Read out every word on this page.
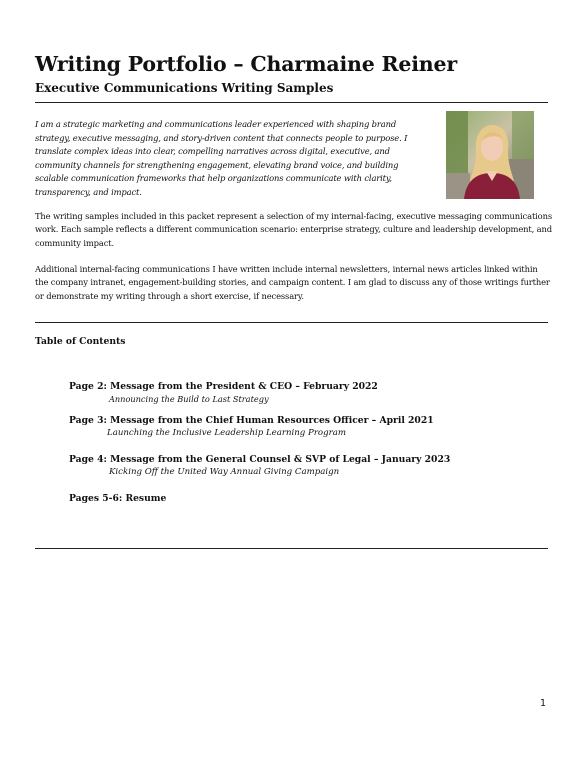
Writing Portfolio – Charmaine Reiner
Executive Communications Writing Samples

I am a strategic marketing and communications leader experienced with shaping brand strategy, executive messaging, and story-driven content that connects people to purpose. I translate complex ideas into clear, compelling narratives across digital, executive, and community channels for strengthening engagement, elevating brand voice, and building scalable communication frameworks that help organizations communicate with clarity, transparency, and impact.

The writing samples included in this packet represent a selection of my internal-facing, executive messaging communications work. Each sample reflects a different communication scenario: enterprise strategy, culture and leadership development, and community impact.

Additional internal-facing communications I have written include internal newsletters, internal news articles linked within the company intranet, engagement-building stories, and campaign content. I am glad to discuss any of those writings further or demonstrate my writing through a short exercise, if necessary.

Table of Contents
Page 2: Message from the President & CEO – February 2022
Announcing the Build to Last Strategy
Page 3: Message from the Chief Human Resources Officer – April 2021
Launching the Inclusive Leadership Learning Program
Page 4: Message from the General Counsel & SVP of Legal – January 2023
Kicking Off the United Way Annual Giving Campaign
Pages 5-6: Resume
1
